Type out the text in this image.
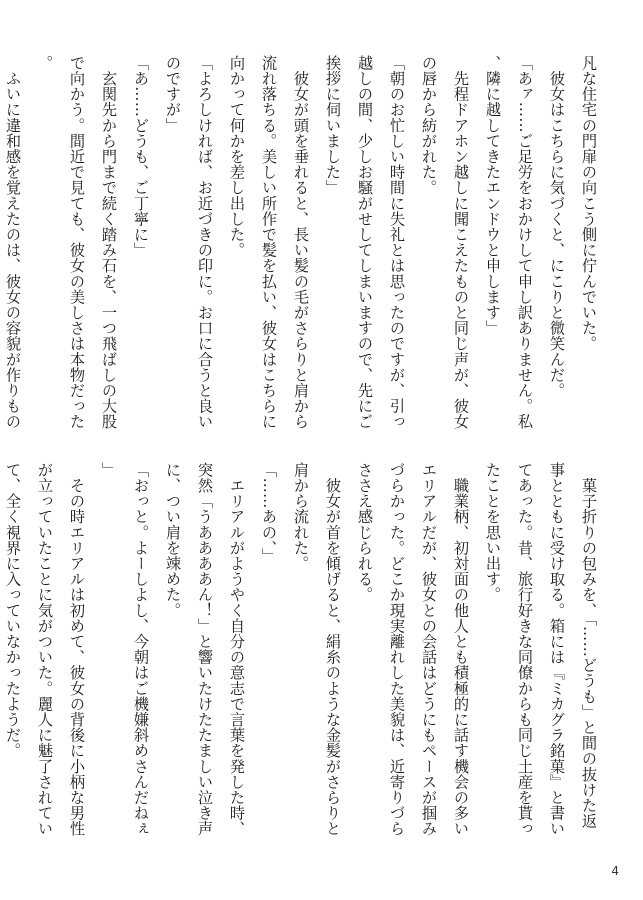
凡な住宅の門扉の向こう側に佇んでいた。

　彼女はこちらに気づくと、にこりと微笑んだ。

「あァ……ご足労をおかけして申し訳ありません。私、隣に越してきたエンドウと申します」

　先程ドアホン越しに聞こえたものと同じ声が、彼女の唇から紡がれた。

「朝のお忙しい時間に失礼とは思ったのですが、引っ越しの間、少しお騒がせしてしまいますので、先にご挨拶に伺いました」

　彼女が頭を垂れると、長い髪の毛がさらりと肩から流れ落ちる。美しい所作で髪を払い、彼女はこちらに向かって何かを差し出した。

「よろしければ、お近づきの印に。お口に合うと良いのですが」

「あ……どうも、ご丁寧に」

　玄関先から門まで続く踏み石を、一つ飛ばしの大股で向かう。間近で見ても、彼女の美しさは本物だった。

　ふいに違和感を覚えたのは、彼女の容貌が作りもの

　菓子折りの包みを、「……どうも」と間の抜けた返事とともに受け取る。箱には『ミカグラ銘菓』と書いてあった。昔、旅行好きな同僚からも同じ土産を貰ったことを思い出す。

　職業柄、初対面の他人とも積極的に話す機会の多いエリアルだが、彼女との会話はどうにもペースが掴みづらかった。どこか現実離れした美貌は、近寄りづらささえ感じられる。

　彼女が首を傾げると、絹糸のような金髪がさらりと肩から流れた。

「……あの、」

　エリアルがようやく自分の意志で言葉を発した時、突然「うああああん！」と響いたけたたましい泣き声に、つい肩を竦めた。

「おっと。よーしよし、今朝はご機嫌斜めさんだねぇ」

　その時エリアルは初めて、彼女の背後に小柄な男性が立っていたことに気がついた。麗人に魅了されていて、全く視界に入っていなかったようだ。

4
